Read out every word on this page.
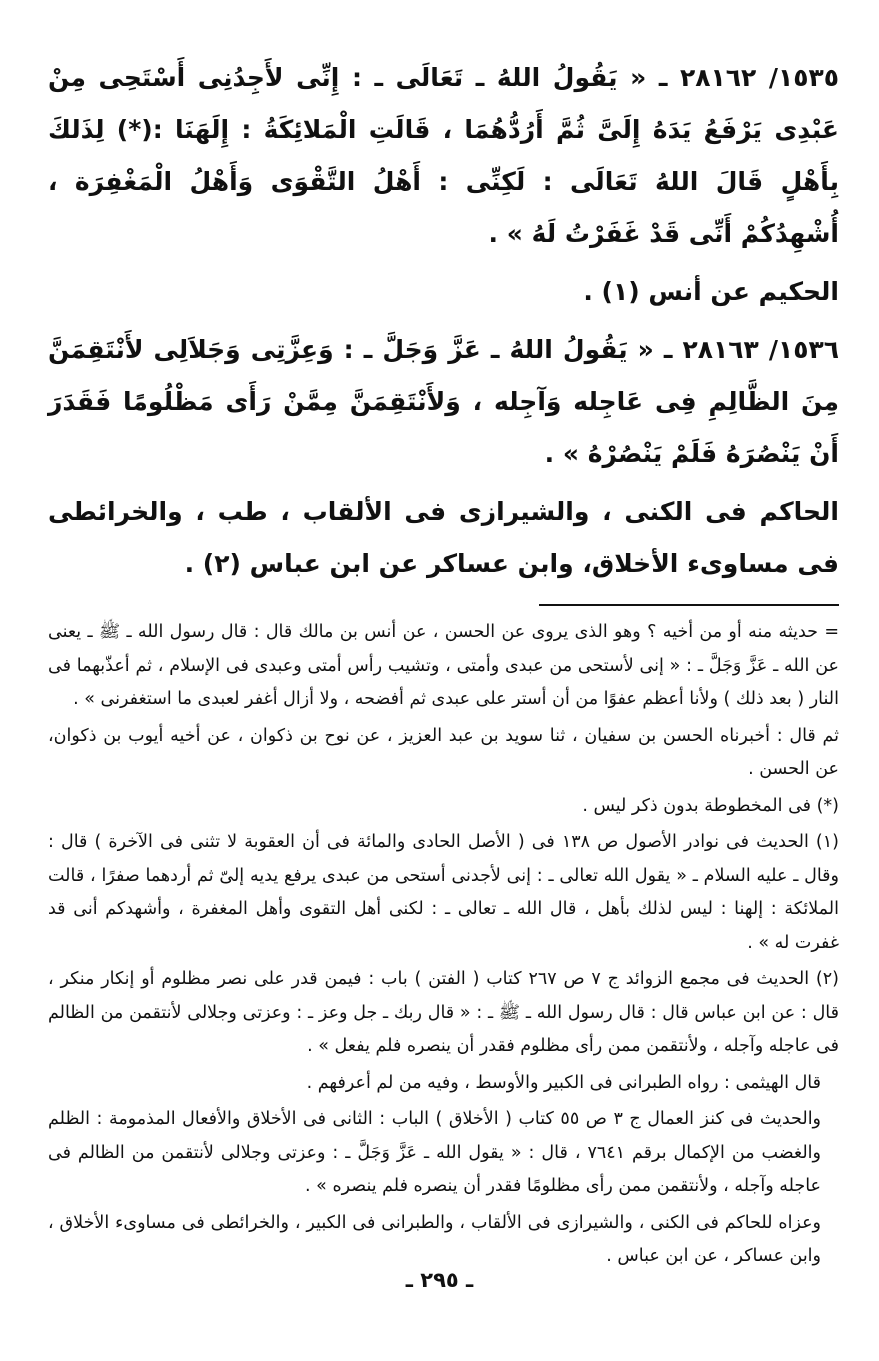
١٥٣٥/ ٢٨١٦٢ ـ « يَقُولُ اللهُ ـ تَعَالَى ـ : إِنِّى لأَجِدُنِى أَسْتَحِى مِنْ عَبْدِى يَرْفَعُ يَدَهُ إِلَىَّ ثُمَّ أَرُدُّهُمَا ، قَالَتِ الْمَلائِكَةُ : إِلَهَنَا :(*) لِذَلكَ بِأَهْلٍ قَالَ اللهُ تَعَالَى : لَكِنِّى : أَهْلُ التَّقْوَى وَأَهْلُ الْمَغْفِرَة ، أُشْهِدُكُمْ أَنِّى قَدْ غَفَرْتُ لَهُ » .

الحكيم عن أنس (١) .

١٥٣٦/ ٢٨١٦٣ ـ « يَقُولُ اللهُ ـ عَزَّ وَجَلَّ ـ : وَعِزَّتِى وَجَلاَلِى لأَنْتَقِمَنَّ مِنَ الظَّالِمِ فِى عَاجِله وَآجِله ، وَلأَنْتَقِمَنَّ مِمَّنْ رَأَى مَظْلُومًا فَقَدَرَ أَنْ يَنْصُرَهُ فَلَمْ يَنْصُرْهُ » .

الحاكم فى الكنى ، والشيرازى فى الألقاب ، طب ، والخرائطى فى مساوىء الأخلاق، وابن عساكر عن ابن عباس (٢) .

= حديثه منه أو من أخيه ؟ وهو الذى يروى عن الحسن ، عن أنس بن مالك قال : قال رسول الله ـ ﷺ ـ يعنى عن الله ـ عَزَّ وَجَلَّ ـ : « إنى لأستحى من عبدى وأمتى ، وتشيب رأس أمتى وعبدى فى الإسلام ، ثم أعذّبهما فى النار ( بعد ذلك ) ولأنا أعظم عفوًا من أن أستر على عبدى ثم أفضحه ، ولا أزال أغفر لعبدى ما استغفرنى » .

ثم قال : أخبرناه الحسن بن سفيان ، ثنا سويد بن عبد العزيز ، عن نوح بن ذكوان ، عن أخيه أيوب بن ذكوان، عن الحسن .

(*) فى المخطوطة بدون ذكر ليس .

(١) الحديث فى نوادر الأصول ص ١٣٨ فى ( الأصل الحادى والمائة فى أن العقوبة لا تثنى فى الآخرة ) قال : وقال ـ عليه السلام ـ « يقول الله تعالى ـ : إنى لأجدنى أستحى من عبدى يرفع يديه إلىّ ثم أردهما صفرًا ، قالت الملائكة : إلهنا : ليس لذلك بأهل ، قال الله ـ تعالى ـ : لكنى أهل التقوى وأهل المغفرة ، وأشهدكم أنى قد غفرت له » .

(٢) الحديث فى مجمع الزوائد ج ٧ ص ٢٦٧ كتاب ( الفتن ) باب : فيمن قدر على نصر مظلوم أو إنكار منكر ، قال : عن ابن عباس قال : قال رسول الله ـ ﷺ ـ : « قال ربك ـ جل وعز ـ : وعزتى وجلالى لأنتقمن من الظالم فى عاجله وآجله ، ولأنتقمن ممن رأى مظلوم فقدر أن ينصره فلم يفعل » .

قال الهيثمى : رواه الطبرانى فى الكبير والأوسط ، وفيه من لم أعرفهم .

والحديث فى كنز العمال ج ٣ ص ٥٥ كتاب ( الأخلاق ) الباب : الثانى فى الأخلاق والأفعال المذمومة : الظلم والغضب من الإكمال برقم ٧٦٤١ ، قال : « يقول الله ـ عَزَّ وَجَلَّ ـ : وعزتى وجلالى لأنتقمن من الظالم فى عاجله وآجله ، ولأنتقمن ممن رأى مظلومًا فقدر أن ينصره فلم ينصره » .

وعزاه للحاكم فى الكنى ، والشيرازى فى الألقاب ، والطبرانى فى الكبير ، والخرائطى فى مساوىء الأخلاق ، وابن عساكر ، عن ابن عباس .

ـ ٢٩٥ ـ
